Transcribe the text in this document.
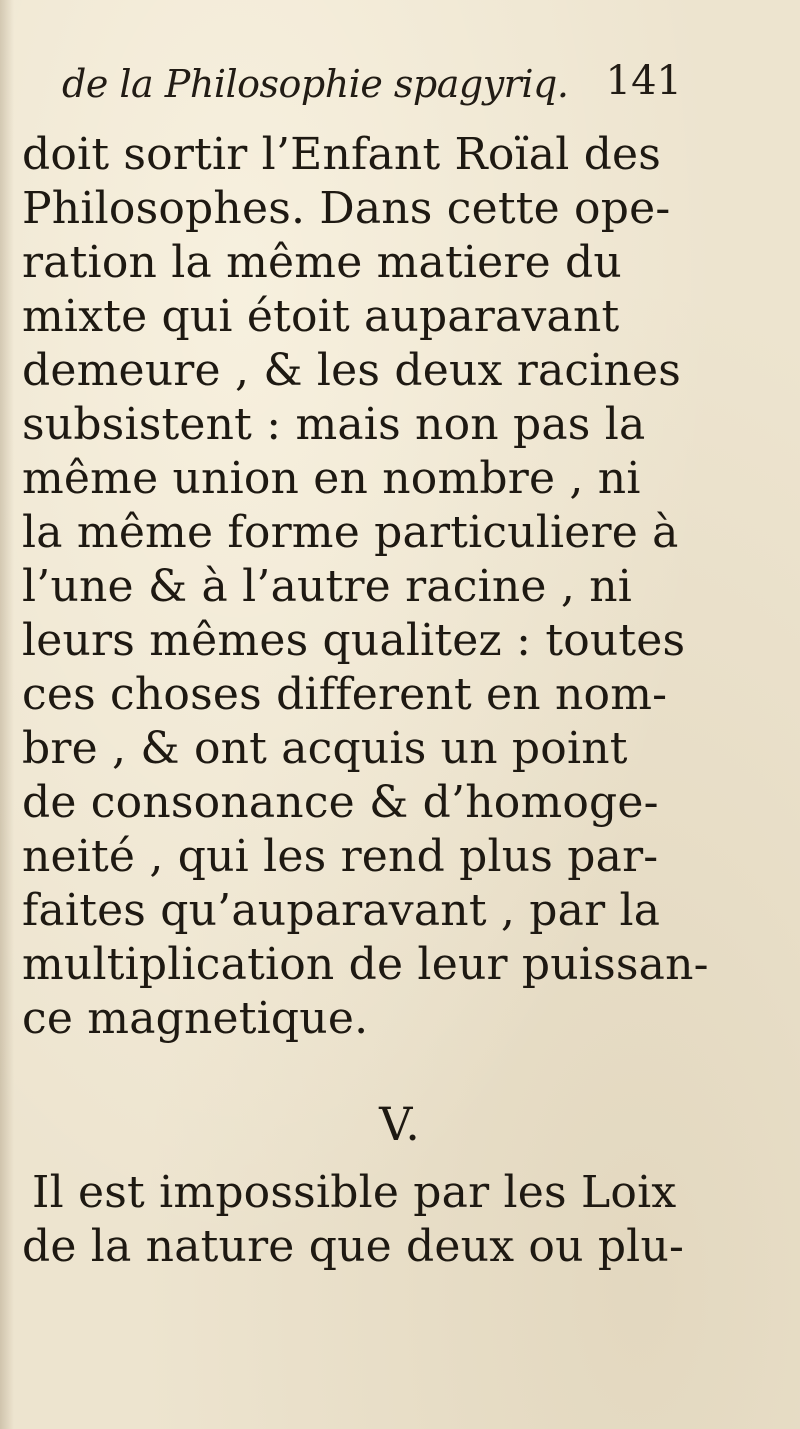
de la Philosophie spagyriq. 141
doit sortir l’Enfant Roïal des
Philosophes. Dans cette ope-
ration la même matiere du
mixte qui étoit auparavant
demeure , & les deux racines
subsistent : mais non pas la
même union en nombre , ni
la même forme particuliere à
l’une & à l’autre racine , ni
leurs mêmes qualitez : toutes
ces choses different en nom-
bre , & ont acquis un point
de consonance & d’homoge-
neité , qui les rend plus par-
faites qu’auparavant , par la
multiplication de leur puissan-
ce magnetique.
V.
Il est impossible par les Loix
de la nature que deux ou plu-
